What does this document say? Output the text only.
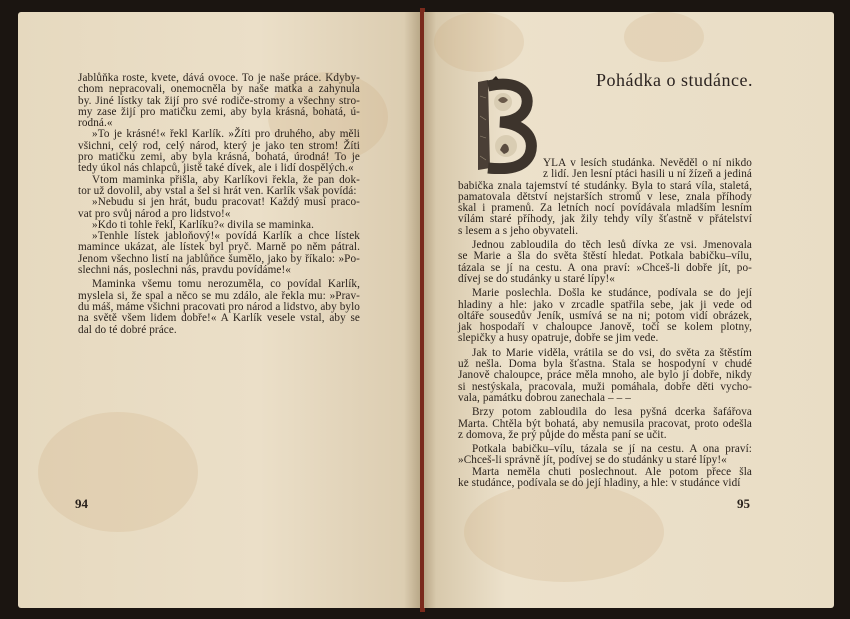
Jablůňka roste, kvete, dává ovoce. To je naše práce. Kdyby-
chom nepracovali, onemocněla by naše matka a zahynula
by. Jiné lístky tak žijí pro své rodiče-stromy a všechny stro-
my zase žijí pro matičku zemi, aby byla krásná, bohatá, ú-
rodná.«
»To je krásné!« řekl Karlík. »Žíti pro druhého, aby měli
všichni, celý rod, celý národ, který je jako ten strom! Žíti
pro matičku zemi, aby byla krásná, bohatá, úrodná! To je
tedy úkol nás chlapců, jistě také dívek, ale i lidí dospělých.«
Vtom maminka přišla, aby Karlíkovi řekla, že pan dok-
tor už dovolil, aby vstal a šel si hrát ven. Karlík však povídá:
»Nebudu si jen hrát, budu pracovat! Každý musí praco-
vat pro svůj národ a pro lidstvo!«
»Kdo ti tohle řekl, Karlíku?« divila se maminka.
»Tenhle lístek jabloňový!« povídá Karlík a chce lístek
mamince ukázat, ale lístek byl pryč. Marně po něm pátral.
Jenom všechno listí na jablůňce šumělo, jako by říkalo: »Po-
slechni nás, poslechni nás, pravdu povídáme!«
Maminka všemu tomu nerozuměla, co povídal Karlík,
myslela si, že spal a něco se mu zdálo, ale řekla mu: »Prav-
du máš, máme všichni pracovati pro národ a lidstvo, aby bylo
na světě všem lidem dobře!« A Karlík vesele vstal, aby se
dal do té dobré práce.
Pohádka o studánce.
YLA v lesích studánka. Nevěděl o ní nikdo
z lidí. Jen lesní ptáci hasili u ní žízeň a jediná
babička znala tajemství té studánky. Byla to stará víla, staletá,
pamatovala dětství nejstarších stromů v lese, znala příhody
skal i pramenů. Za letních nocí povídávala mladším lesním
vílám staré příhody, jak žily tehdy víly šťastně v přátelství
s lesem a s jeho obyvateli.
Jednou zabloudila do těch lesů dívka ze vsi. Jmenovala
se Marie a šla do světa štěstí hledat. Potkala babičku–vílu,
tázala se jí na cestu. A ona praví: »Chceš-li dobře jít, po-
dívej se do studánky u staré lípy!«
Marie poslechla. Došla ke studánce, podívala se do její
hladiny a hle: jako v zrcadle spatřila sebe, jak ji vede od
oltáře sousedův Jeník, usmívá se na ni; potom vidí obrázek,
jak hospodaří v chaloupce Janově, točí se kolem plotny,
slepičky a husy opatruje, dobře se jim vede.
Jak to Marie viděla, vrátila se do vsi, do světa za štěstím
už nešla. Doma byla šťastna. Stala se hospodyní v chudé
Janově chaloupce, práce měla mnoho, ale bylo jí dobře, nikdy
si nestýskala, pracovala, muži pomáhala, dobře děti vycho-
vala, památku dobrou zanechala – – –
Brzy potom zabloudila do lesa pyšná dcerka šafářova
Marta. Chtěla být bohatá, aby nemusila pracovat, proto odešla
z domova, že prý půjde do města paní se učit.
Potkala babičku–vílu, tázala se jí na cestu. A ona praví:
»Chceš-li správně jít, podívej se do studánky u staré lípy!«
Marta neměla chuti poslechnout. Ale potom přece šla
ke studánce, podívala se do její hladiny, a hle: v studánce vidí
94	95
